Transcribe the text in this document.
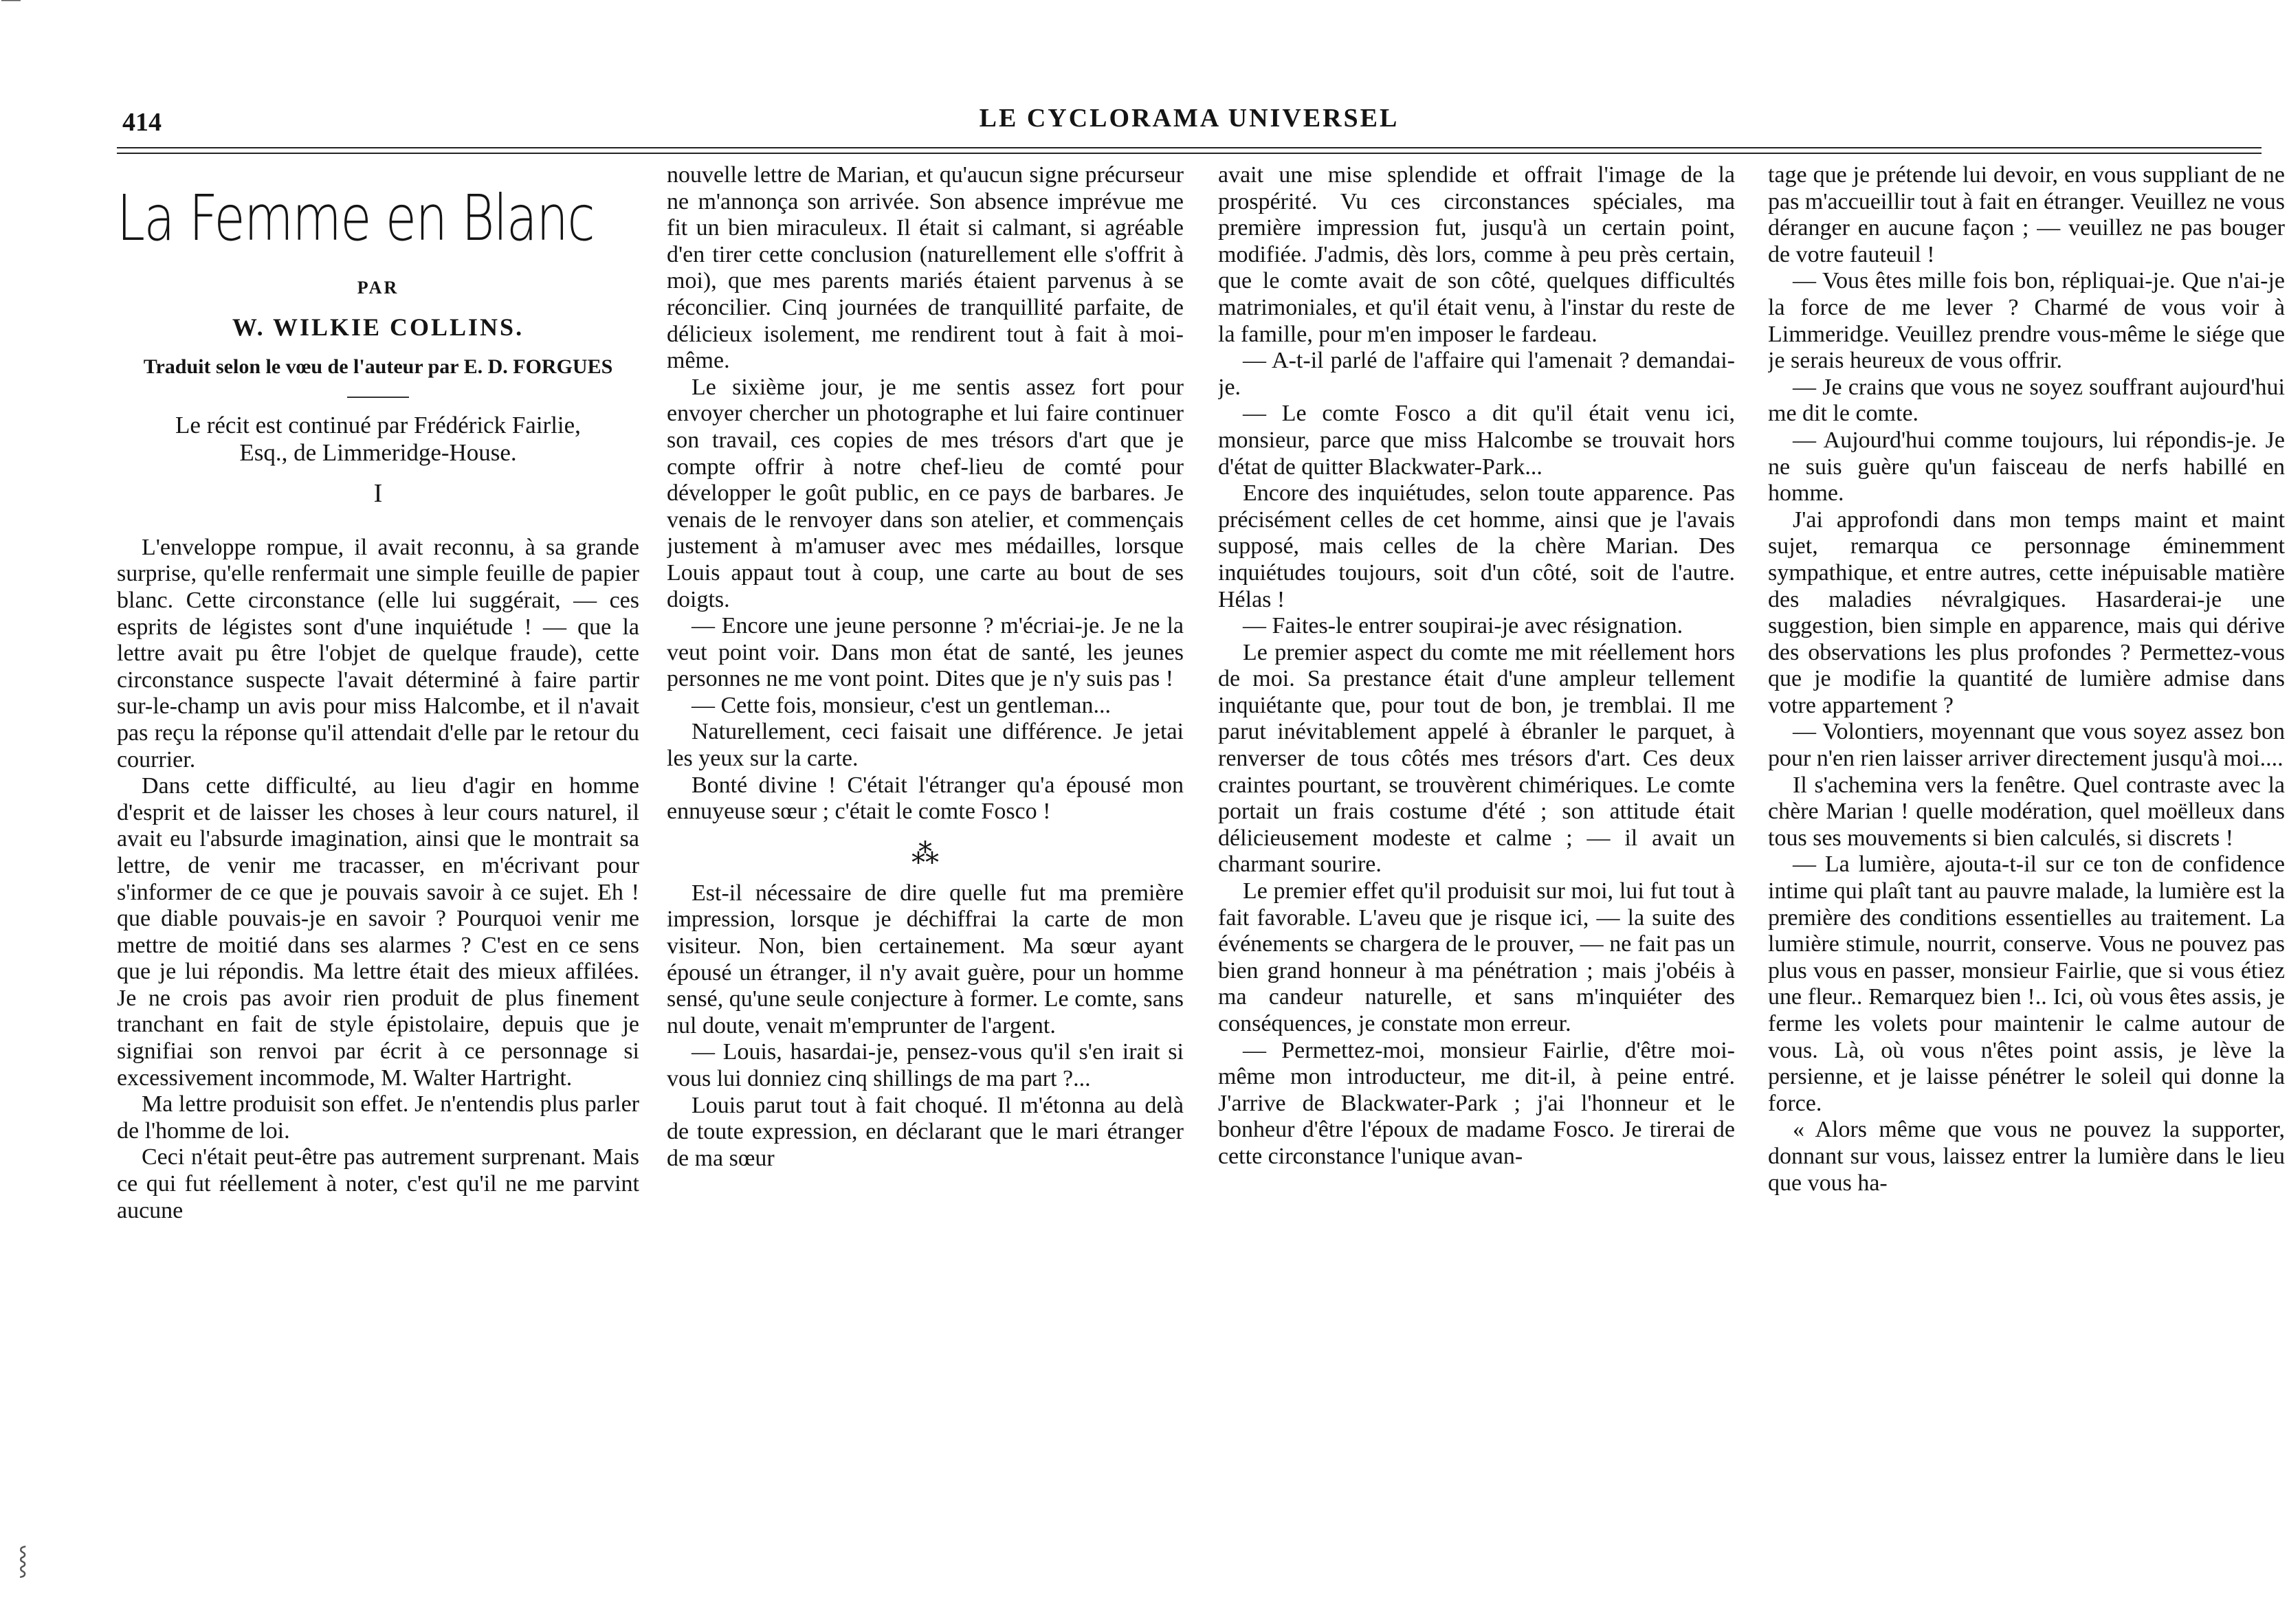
▔▔▔
414	LE CYCLORAMA UNIVERSEL
La Femme en Blanc
PAR
W. WILKIE COLLINS.
Traduit selon le vœu de l'auteur par E. D. FORGUES
Le récit est continué par Frédérick Fairlie, Esq., de Limmeridge-House.
I

L'enveloppe rompue, il avait reconnu, à sa grande surprise, qu'elle renfermait une simple feuille de papier blanc. Cette circonstance (elle lui suggérait, — ces esprits de légistes sont d'une inquiétude ! — que la lettre avait pu être l'objet de quelque fraude), cette circonstance suspecte l'avait déterminé à faire partir sur-le-champ un avis pour miss Halcombe, et il n'avait pas reçu la réponse qu'il attendait d'elle par le retour du courrier.

Dans cette difficulté, au lieu d'agir en homme d'esprit et de laisser les choses à leur cours naturel, il avait eu l'absurde imagination, ainsi que le montrait sa lettre, de venir me tracasser, en m'écrivant pour s'informer de ce que je pouvais savoir à ce sujet. Eh ! que diable pouvais-je en savoir ? Pourquoi venir me mettre de moitié dans ses alarmes ? C'est en ce sens que je lui répondis. Ma lettre était des mieux affilées. Je ne crois pas avoir rien produit de plus finement tranchant en fait de style épistolaire, depuis que je signifiai son renvoi par écrit à ce personnage si excessivement incommode, M. Walter Hartright.

Ma lettre produisit son effet. Je n'entendis plus parler de l'homme de loi.

Ceci n'était peut-être pas autrement surprenant. Mais ce qui fut réellement à noter, c'est qu'il ne me parvint aucune

nouvelle lettre de Marian, et qu'aucun signe précurseur ne m'annonça son arrivée. Son absence imprévue me fit un bien miraculeux. Il était si calmant, si agréable d'en tirer cette conclusion (naturellement elle s'offrit à moi), que mes parents mariés étaient parvenus à se réconcilier. Cinq journées de tranquillité parfaite, de délicieux isolement, me rendirent tout à fait à moi-même.

Le sixième jour, je me sentis assez fort pour envoyer chercher un photographe et lui faire continuer son travail, ces copies de mes trésors d'art que je compte offrir à notre chef-lieu de comté pour développer le goût public, en ce pays de barbares. Je venais de le renvoyer dans son atelier, et commençais justement à m'amuser avec mes médailles, lorsque Louis appaut tout à coup, une carte au bout de ses doigts.

— Encore une jeune personne ? m'écriai-je. Je ne la veut point voir. Dans mon état de santé, les jeunes personnes ne me vont point. Dites que je n'y suis pas !

— Cette fois, monsieur, c'est un gentleman...

Naturellement, ceci faisait une différence. Je jetai les yeux sur la carte.

Bonté divine ! C'était l'étranger qu'a épousé mon ennuyeuse sœur ; c'était le comte Fosco !

⁂

Est-il nécessaire de dire quelle fut ma première impression, lorsque je déchiffrai la carte de mon visiteur. Non, bien certainement. Ma sœur ayant épousé un étranger, il n'y avait guère, pour un homme sensé, qu'une seule conjecture à former. Le comte, sans nul doute, venait m'emprunter de l'argent.

— Louis, hasardai-je, pensez-vous qu'il s'en irait si vous lui donniez cinq shillings de ma part ?...

Louis parut tout à fait choqué. Il m'étonna au delà de toute expression, en déclarant que le mari étranger de ma sœur

avait une mise splendide et offrait l'image de la prospérité. Vu ces circonstances spéciales, ma première impression fut, jusqu'à un certain point, modifiée. J'admis, dès lors, comme à peu près certain, que le comte avait de son côté, quelques difficultés matrimoniales, et qu'il était venu, à l'instar du reste de la famille, pour m'en imposer le fardeau.

— A-t-il parlé de l'affaire qui l'amenait ? demandai-je.

— Le comte Fosco a dit qu'il était venu ici, monsieur, parce que miss Halcombe se trouvait hors d'état de quitter Blackwater-Park...

Encore des inquiétudes, selon toute apparence. Pas précisément celles de cet homme, ainsi que je l'avais supposé, mais celles de la chère Marian. Des inquiétudes toujours, soit d'un côté, soit de l'autre. Hélas !

— Faites-le entrer soupirai-je avec résignation.

Le premier aspect du comte me mit réellement hors de moi. Sa prestance était d'une ampleur tellement inquiétante que, pour tout de bon, je tremblai. Il me parut inévitablement appelé à ébranler le parquet, à renverser de tous côtés mes trésors d'art. Ces deux craintes pourtant, se trouvèrent chimériques. Le comte portait un frais costume d'été ; son attitude était délicieusement modeste et calme ; — il avait un charmant sourire.

Le premier effet qu'il produisit sur moi, lui fut tout à fait favorable. L'aveu que je risque ici, — la suite des événements se chargera de le prouver, — ne fait pas un bien grand honneur à ma pénétration ; mais j'obéis à ma candeur naturelle, et sans m'inquiéter des conséquences, je constate mon erreur.

— Permettez-moi, monsieur Fairlie, d'être moi-même mon introducteur, me dit-il, à peine entré. J'arrive de Blackwater-Park ; j'ai l'honneur et le bonheur d'être l'époux de madame Fosco. Je tirerai de cette circonstance l'unique avan-

tage que je prétende lui devoir, en vous suppliant de ne pas m'accueillir tout à fait en étranger. Veuillez ne vous déranger en aucune façon ; — veuillez ne pas bouger de votre fauteuil !

— Vous êtes mille fois bon, répliquai-je. Que n'ai-je la force de me lever ? Charmé de vous voir à Limmeridge. Veuillez prendre vous-même le siége que je serais heureux de vous offrir.

— Je crains que vous ne soyez souffrant aujourd'hui me dit le comte.

— Aujourd'hui comme toujours, lui répondis-je. Je ne suis guère qu'un faisceau de nerfs habillé en homme.

J'ai approfondi dans mon temps maint et maint sujet, remarqua ce personnage éminemment sympathique, et entre autres, cette inépuisable matière des maladies névralgiques. Hasarderai-je une suggestion, bien simple en apparence, mais qui dérive des observations les plus profondes ? Permettez-vous que je modifie la quantité de lumière admise dans votre appartement ?

— Volontiers, moyennant que vous soyez assez bon pour n'en rien laisser arriver directement jusqu'à moi....

Il s'achemina vers la fenêtre. Quel contraste avec la chère Marian ! quelle modération, quel moëlleux dans tous ses mouvements si bien calculés, si discrets !

— La lumière, ajouta-t-il sur ce ton de confidence intime qui plaît tant au pauvre malade, la lumière est la première des conditions essentielles au traitement. La lumière stimule, nourrit, conserve. Vous ne pouvez pas plus vous en passer, monsieur Fairlie, que si vous étiez une fleur.. Remarquez bien !.. Ici, où vous êtes assis, je ferme les volets pour maintenir le calme autour de vous. Là, où vous n'êtes point assis, je lève la persienne, et je laisse pénétrer le soleil qui donne la force.

« Alors même que vous ne pouvez la supporter, donnant sur vous, laissez entrer la lumière dans le lieu que vous ha-

⸾
